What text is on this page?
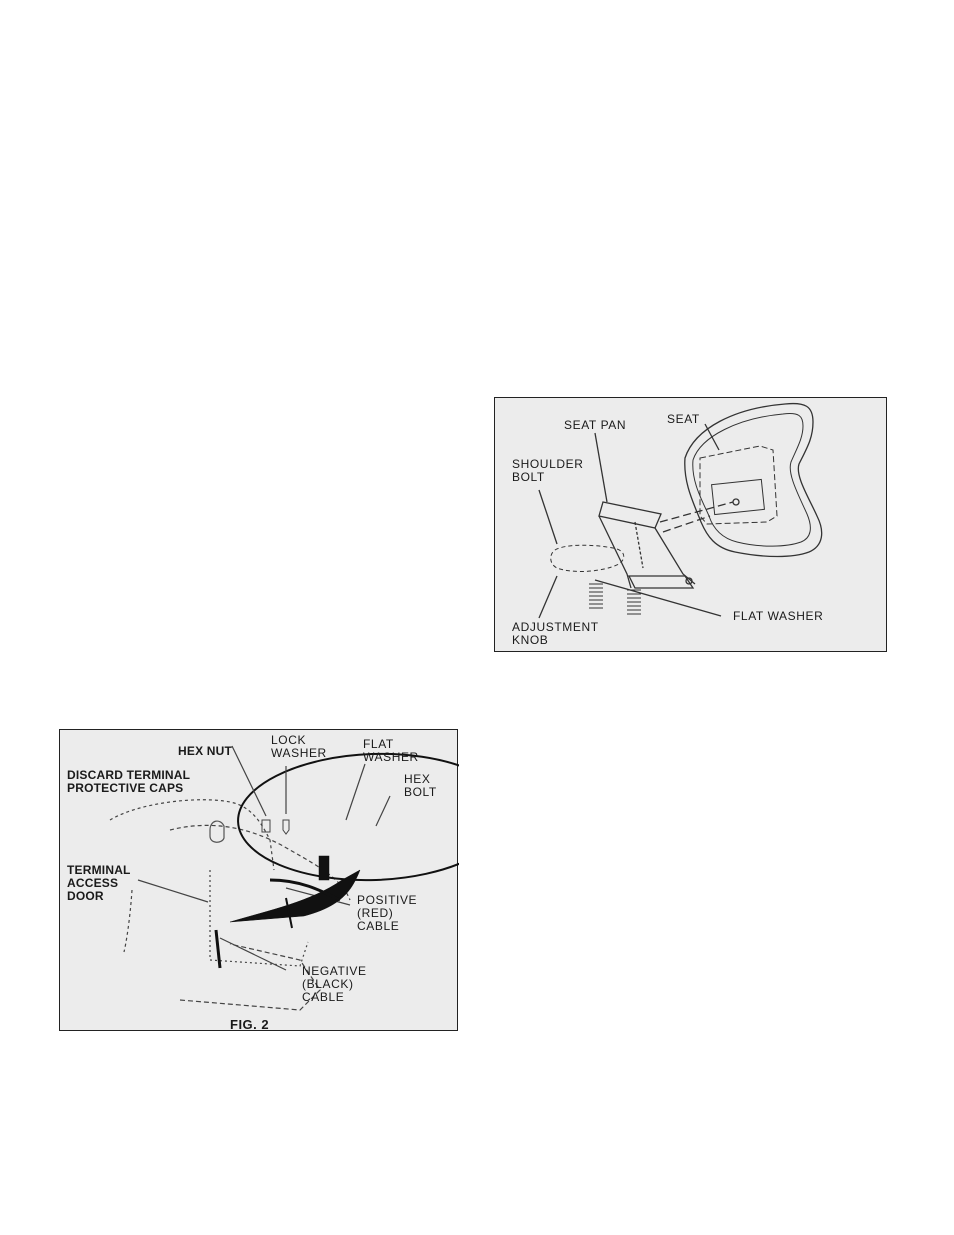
SEAT PAN	SEAT
SHOULDER
BOLT
FLAT WASHER
ADJUSTMENT
KNOB
HEX NUT
LOCK
WASHER
FLAT
WASHER
HEX
BOLT
DISCARD TERMINAL
PROTECTIVE CAPS
TERMINAL
ACCESS
DOOR	POSITIVE
(RED)
CABLE
NEGATIVE
(BLACK)
CABLE
FIG. 2
